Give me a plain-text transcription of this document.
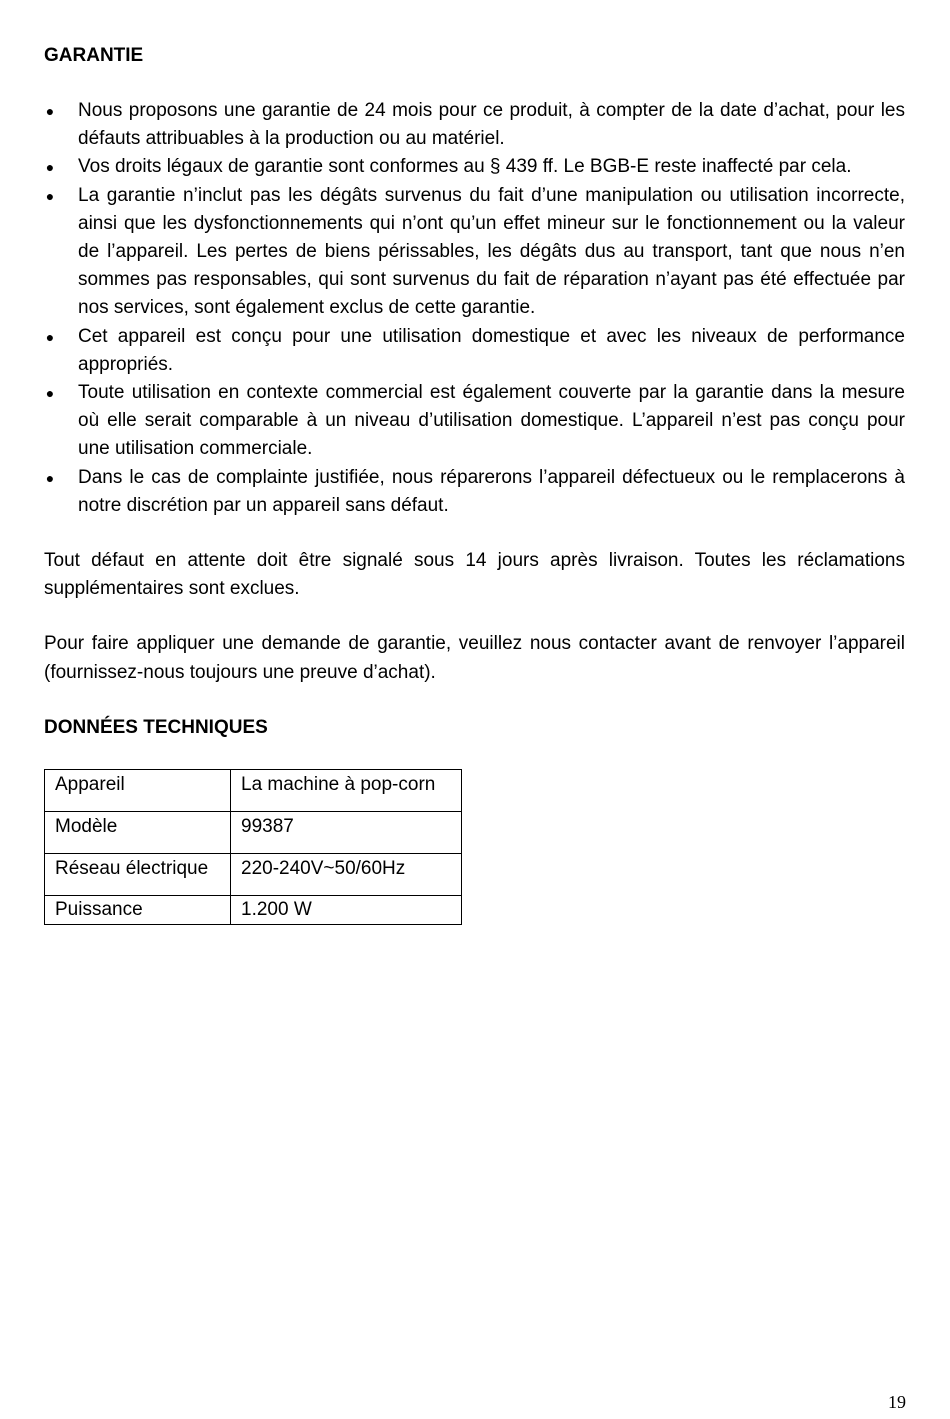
GARANTIE
● Nous proposons une garantie de 24 mois pour ce produit, à compter de la date d’achat, pour les défauts attribuables à la production ou au matériel.
● Vos droits légaux de garantie sont conformes au § 439 ff. Le BGB-E reste inaffecté par cela.
● La garantie n’inclut pas les dégâts survenus du fait d’une manipulation ou utilisation incorrecte, ainsi que les dysfonctionnements qui n’ont qu’un effet mineur sur le fonctionnement ou la valeur de l’appareil. Les pertes de biens périssables, les dégâts dus au transport, tant que nous n’en sommes pas responsables, qui sont survenus du fait de réparation n’ayant pas été effectuée par nos services, sont également exclus de cette garantie.
● Cet appareil est conçu pour une utilisation domestique et avec les niveaux de performance appropriés.
● Toute utilisation en contexte commercial est également couverte par la garantie dans la mesure où elle serait comparable à un niveau d’utilisation domestique. L’appareil n’est pas conçu pour une utilisation commerciale.
● Dans le cas de complainte justifiée, nous réparerons l’appareil défectueux ou le remplacerons à notre discrétion par un appareil sans défaut.

Tout défaut en attente doit être signalé sous 14 jours après livraison. Toutes les réclamations supplémentaires sont exclues.

Pour faire appliquer une demande de garantie, veuillez nous contacter avant de renvoyer l’appareil (fournissez-nous toujours une preuve d’achat).

DONNÉES TECHNIQUES
Appareil	La machine à pop-corn
Modèle	99387
Réseau électrique	220-240V~50/60Hz
Puissance	1.200 W
19
